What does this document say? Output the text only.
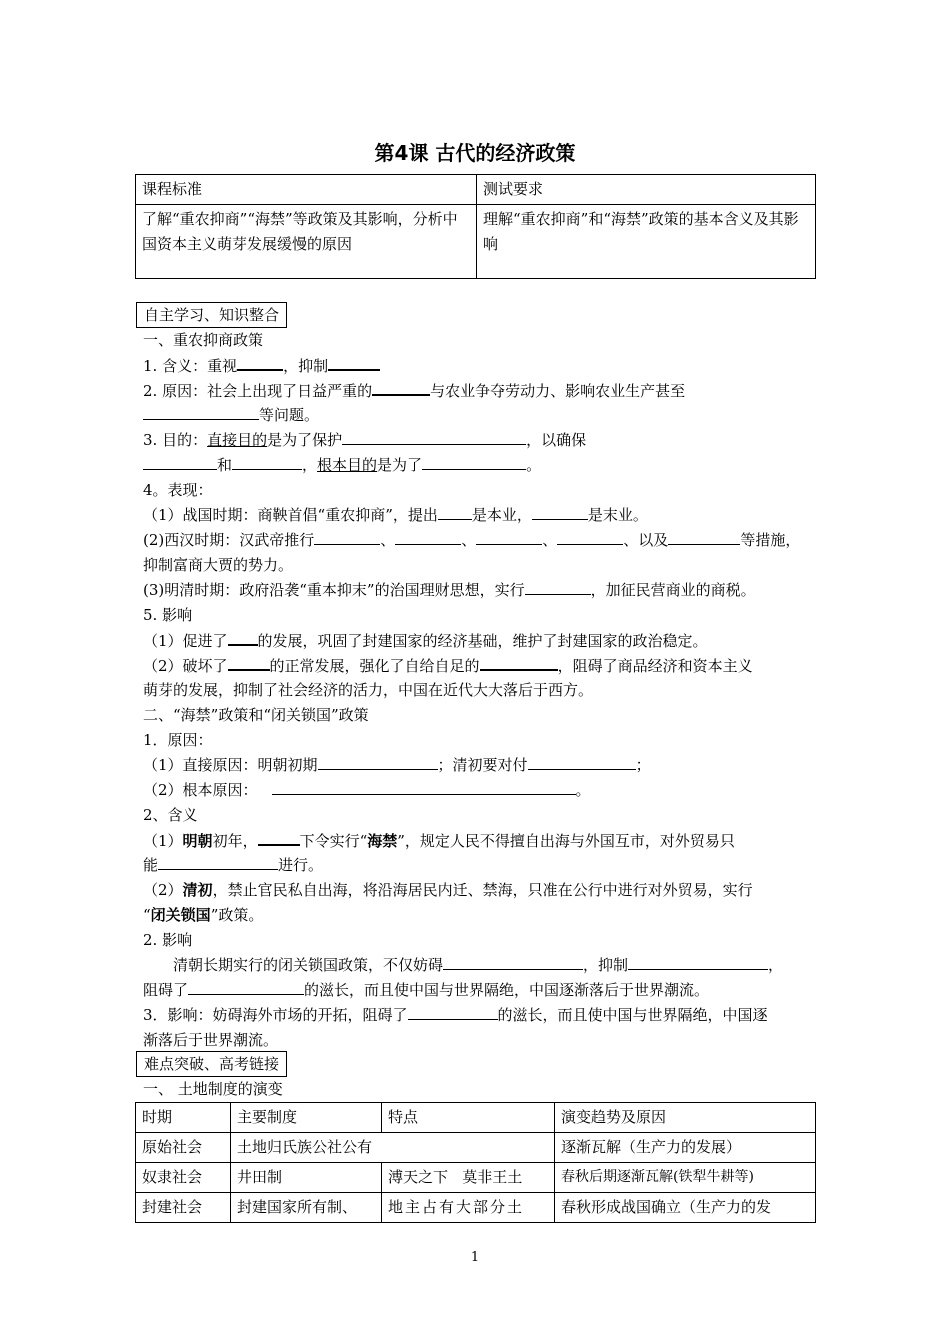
第4课 古代的经济政策
课程标准	测试要求
了解“重农抑商”“海禁”等政策及其影响，分析中国资本主义萌芽发展缓慢的原因	理解“重农抑商”和“海禁”政策的基本含义及其影响
自主学习、知识整合
一、重农抑商政策
1. 含义：重视	，抑制
2. 原因：社会上出现了日益严重的	与农业争夺劳动力、影响农业生产甚至
等问题。
3. 目的：直接目的是为了保护	，以确保
和	，根本目的是为了	。
4。表现：
（1）战国时期：商鞅首倡“重农抑商”，提出 是本业，	是末业。
(2)西汉时期：汉武帝推行	、	、	、	、以及	等措施，
抑制富商大贾的势力。
(3)明清时期：政府沿袭“重本抑末”的治国理财思想，实行	，加征民营商业的商税。
5. 影响
（1）促进了 的发展，巩固了封建国家的经济基础，维护了封建国家的政治稳定。
（2）破坏了	的正常发展，强化了自给自足的	，阻碍了商品经济和资本主义
萌芽的发展，抑制了社会经济的活力，中国在近代大大落后于西方。
二、“海禁”政策和“闭关锁国”政策
1．原因：
（1）直接原因：明朝初期	；清初要对付	；
（2）根本原因：	。
2、含义
（1）明朝初年，	下令实行“海禁”，规定人民不得擅自出海与外国互市，对外贸易只
能	进行。
（2）清初，禁止官民私自出海，将沿海居民内迁、禁海，只准在公行中进行对外贸易，实行
“闭关锁国”政策。
2. 影响
清朝长期实行的闭关锁国政策，不仅妨碍	，抑制	，
阻碍了	的滋长，而且使中国与世界隔绝，中国逐渐落后于世界潮流。
3．影响：妨碍海外市场的开拓，阻碍了	的滋长，而且使中国与世界隔绝，中国逐
渐落后于世界潮流。
难点突破、高考链接
一、 土地制度的演变
时期	主要制度	特点	演变趋势及原因
原始社会	土地归氏族公社公有		逐渐瓦解（生产力的发展）
奴隶社会	井田制	溥天之下   莫非王土	春秋后期逐渐瓦解(铁犁牛耕等)
封建社会	封建国家所有制、	地主占有大部分土	春秋形成战国确立（生产力的发
1
